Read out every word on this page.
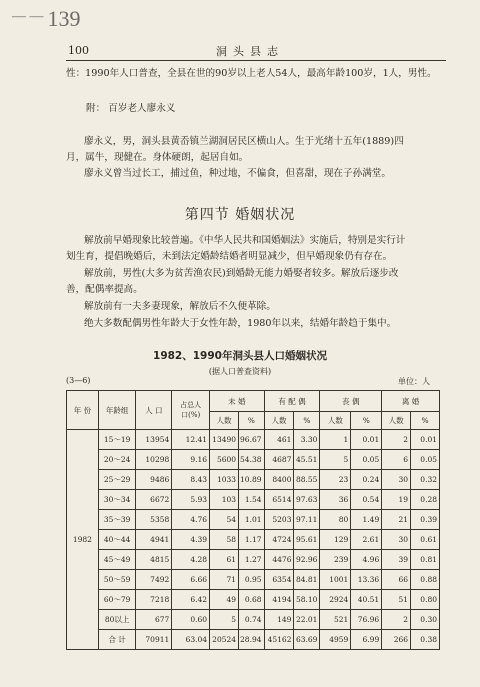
— — 139
100	洞头县志
性：1990年人口普查，全县在世的90岁以上老人54人，最高年龄100岁，1人，男性。
附： 百岁老人廖永义
廖永义，男，洞头县黄岙镇兰湖洞居民区横山人。生于光绪十五年(1889)四
月，属牛，现健在。身体硬朗，起居自如。
廖永义曾当过长工，捕过鱼，种过地，不偏食，但喜甜，现在子孙满堂。
第四节 婚姻状况
解放前早婚现象比较普遍。《中华人民共和国婚姻法》实施后，特别是实行计
划生育，提倡晚婚后，未到法定婚龄结婚者明显减少，但早婚现象仍有存在。
解放前，男性(大多为贫苦渔农民)到婚龄无能力婚娶者较多。解放后逐步改
善，配偶率提高。
解放前有一夫多妻现象，解放后不久便革除。
绝大多数配偶男性年龄大于女性年龄，1980年以来，结婚年龄趋于集中。
1982、1990年洞头县人口婚姻状况
(据人口普查资料)
(3—6)	单位：人
年 份	年龄组	人 口	占总人
口(%)	未 婚		有 配 偶		丧 偶		离 婚	
				人数	%	人数	%	人数	%	人数	%
1982	15～19	13954	12.41	13490	96.67	461	3.30	1	0.01	2	0.01
	20～24	10298	9.16	5600	54.38	4687	45.51	5	0.05	6	0.05
	25～29	9486	8.43	1033	10.89	8400	88.55	23	0.24	30	0.32
	30～34	6672	5.93	103	1.54	6514	97.63	36	0.54	19	0.28
	35～39	5358	4.76	54	1.01	5203	97.11	80	1.49	21	0.39
	40～44	4941	4.39	58	1.17	4724	95.61	129	2.61	30	0.61
	45～49	4815	4.28	61	1.27	4476	92.96	239	4.96	39	0.81
	50～59	7492	6.66	71	0.95	6354	84.81	1001	13.36	66	0.88
	60～79	7218	6.42	49	0.68	4194	58.10	2924	40.51	51	0.80
	80以上	677	0.60	5	0.74	149	22.01	521	76.96	2	0.30
	合 计	70911	63.04	20524	28.94	45162	63.69	4959	6.99	266	0.38
